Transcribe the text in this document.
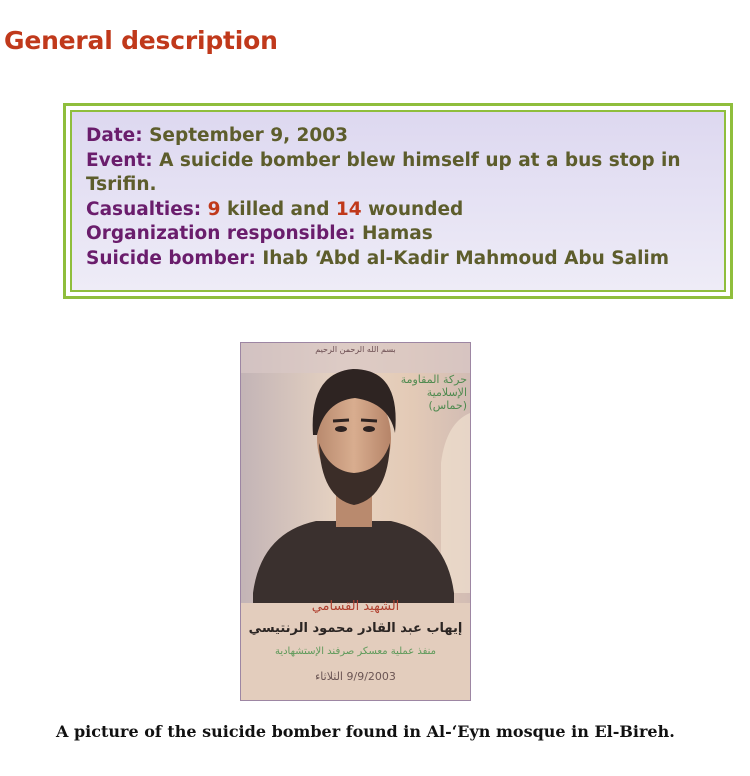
General description

Date: September 9, 2003

Event: A suicide bomber blew himself up at a bus stop in Tsrifin.

Casualties: 9 killed and 14 wounded

Organization responsible: Hamas

Suicide bomber: Ihab ‘Abd al-Kadir Mahmoud Abu Salim

بسم الله الرحمن الرحيم
حركة المقاومة الإسلامية (حماس)
الشهيد القسامي
إيهاب عبد القادر محمود الرنتيسي
منفذ عملية معسكر صرفند الإستشهادية
9/9/2003 الثلاثاء

A picture of the suicide bomber found in Al-‘Eyn mosque in El-Bireh.
